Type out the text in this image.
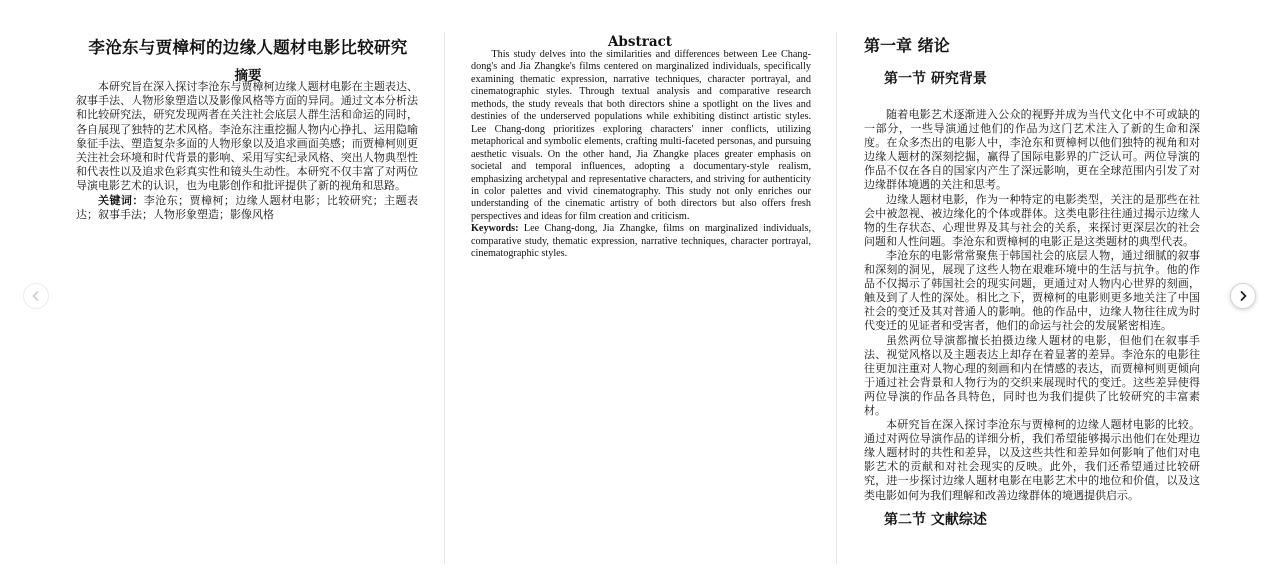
李沧东与贾樟柯的边缘人题材电影比较研究
摘要

本研究旨在深入探讨李沧东与贾樟柯边缘人题材电影在主题表达、叙事手法、人物形象塑造以及影像风格等方面的异同。通过文本分析法和比较研究法，研究发现两者在关注社会底层人群生活和命运的同时，各自展现了独特的艺术风格。李沧东注重挖掘人物内心挣扎、运用隐喻象征手法、塑造复杂多面的人物形象以及追求画面美感；而贾樟柯则更关注社会环境和时代背景的影响、采用写实纪录风格、突出人物典型性和代表性以及追求色彩真实性和镜头生动性。本研究不仅丰富了对两位导演电影艺术的认识，也为电影创作和批评提供了新的视角和思路。

关键词：李沧东；贾樟柯；边缘人题材电影；比较研究；主题表达；叙事手法；人物形象塑造；影像风格

Abstract

This study delves into the similarities and differences between Lee Chang-dong's and Jia Zhangke's films centered on marginalized individuals, specifically examining thematic expression, narrative techniques, character portrayal, and cinematographic styles. Through textual analysis and comparative research methods, the study reveals that both directors shine a spotlight on the lives and destinies of the underserved populations while exhibiting distinct artistic styles. Lee Chang-dong prioritizes exploring characters' inner conflicts, utilizing metaphorical and symbolic elements, crafting multi-faceted personas, and pursuing aesthetic visuals. On the other hand, Jia Zhangke places greater emphasis on societal and temporal influences, adopting a documentary-style realism, emphasizing archetypal and representative characters, and striving for authenticity in color palettes and vivid cinematography. This study not only enriches our understanding of the cinematic artistry of both directors but also offers fresh perspectives and ideas for film creation and criticism.

Keywords: Lee Chang-dong, Jia Zhangke, films on marginalized individuals, comparative study, thematic expression, narrative techniques, character portrayal, cinematographic styles.

第一章 绪论
第一节 研究背景

随着电影艺术逐渐进入公众的视野并成为当代文化中不可或缺的一部分，一些导演通过他们的作品为这门艺术注入了新的生命和深度。在众多杰出的电影人中，李沧东和贾樟柯以他们独特的视角和对边缘人题材的深刻挖掘，赢得了国际电影界的广泛认可。两位导演的作品不仅在各自的国家内产生了深远影响，更在全球范围内引发了对边缘群体境遇的关注和思考。

边缘人题材电影，作为一种特定的电影类型，关注的是那些在社会中被忽视、被边缘化的个体或群体。这类电影往往通过揭示边缘人物的生存状态、心理世界及其与社会的关系，来探讨更深层次的社会问题和人性问题。李沧东和贾樟柯的电影正是这类题材的典型代表。

李沧东的电影常常聚焦于韩国社会的底层人物，通过细腻的叙事和深刻的洞见，展现了这些人物在艰难环境中的生活与抗争。他的作品不仅揭示了韩国社会的现实问题，更通过对人物内心世界的刻画，触及到了人性的深处。相比之下，贾樟柯的电影则更多地关注了中国社会的变迁及其对普通人的影响。他的作品中，边缘人物往往成为时代变迁的见证者和受害者，他们的命运与社会的发展紧密相连。

虽然两位导演都擅长拍摄边缘人题材的电影，但他们在叙事手法、视觉风格以及主题表达上却存在着显著的差异。李沧东的电影往往更加注重对人物心理的刻画和内在情感的表达，而贾樟柯则更倾向于通过社会背景和人物行为的交织来展现时代的变迁。这些差异使得两位导演的作品各具特色，同时也为我们提供了比较研究的丰富素材。

本研究旨在深入探讨李沧东与贾樟柯的边缘人题材电影的比较。通过对两位导演作品的详细分析，我们希望能够揭示出他们在处理边缘人题材时的共性和差异，以及这些共性和差异如何影响了他们对电影艺术的贡献和对社会现实的反映。此外，我们还希望通过比较研究，进一步探讨边缘人题材电影在电影艺术中的地位和价值，以及这类电影如何为我们理解和改善边缘群体的境遇提供启示。

第二节 文献综述
